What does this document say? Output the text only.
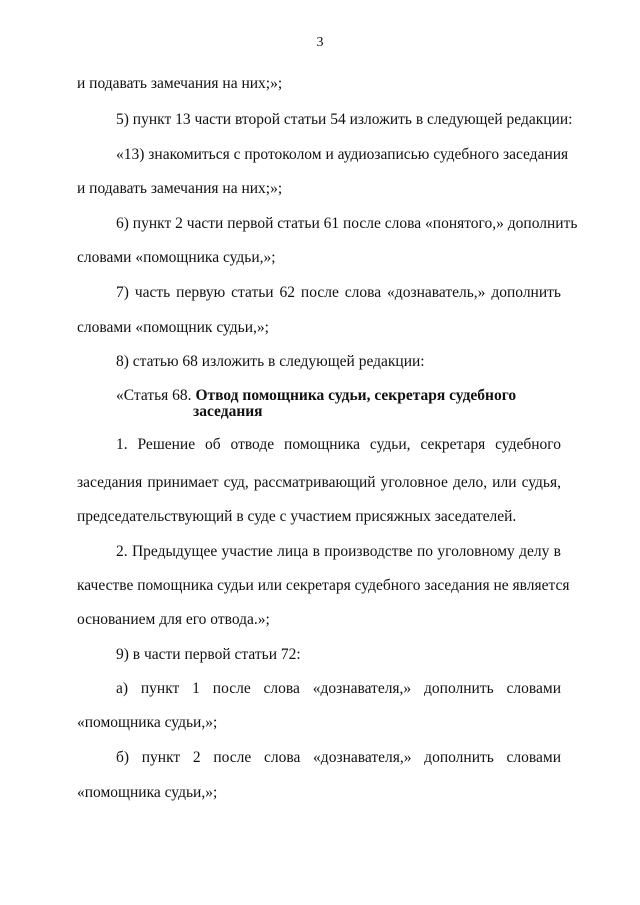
3
и подавать замечания на них;»;
5) пункт 13 части второй статьи 54 изложить в следующей редакции:
«13) знакомиться с протоколом и аудиозаписью судебного заседания
и подавать замечания на них;»;
6) пункт 2 части первой статьи 61 после слова «понятого,» дополнить
словами «помощника судьи,»;
7) часть первую статьи 62 после слова «дознаватель,» дополнить
словами «помощник судьи,»;
8) статью 68 изложить в следующей редакции:
«Статья 68. Отвод помощника судьи, секретаря судебного
заседания
1. Решение об отводе помощника судьи, секретаря судебного
заседания принимает суд, рассматривающий уголовное дело, или судья,
председательствующий в суде с участием присяжных заседателей.
2. Предыдущее участие лица в производстве по уголовному делу в
качестве помощника судьи или секретаря судебного заседания не является
основанием для его отвода.»;
9) в части первой статьи 72:
а) пункт 1 после слова «дознавателя,» дополнить словами
«помощника судьи,»;
б) пункт 2 после слова «дознавателя,» дополнить словами
«помощника судьи,»;
